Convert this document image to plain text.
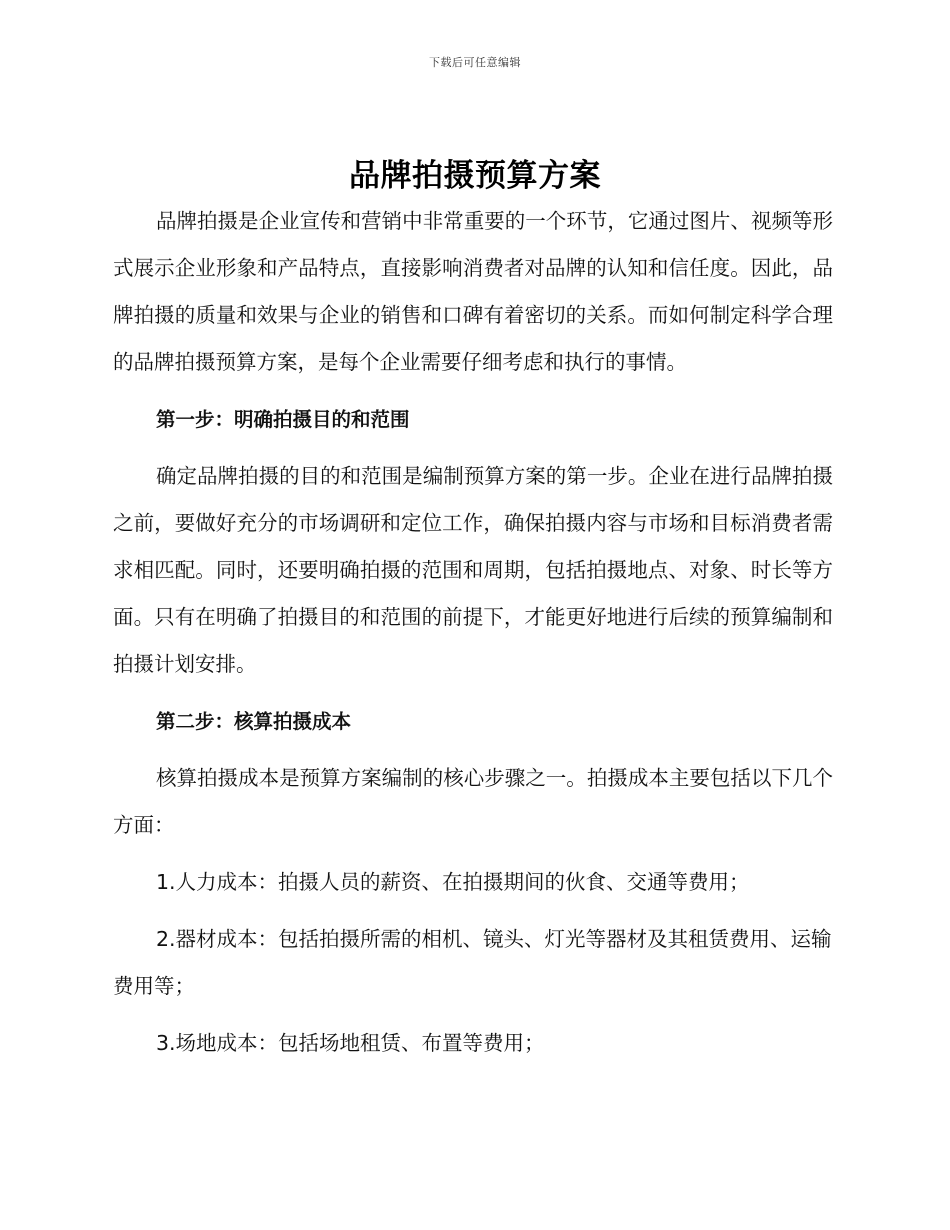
下载后可任意编辑
品牌拍摄预算方案

品牌拍摄是企业宣传和营销中非常重要的一个环节，它通过图片、视频等形式展示企业形象和产品特点，直接影响消费者对品牌的认知和信任度。因此，品牌拍摄的质量和效果与企业的销售和口碑有着密切的关系。而如何制定科学合理的品牌拍摄预算方案，是每个企业需要仔细考虑和执行的事情。

第一步：明确拍摄目的和范围

确定品牌拍摄的目的和范围是编制预算方案的第一步。企业在进行品牌拍摄之前，要做好充分的市场调研和定位工作，确保拍摄内容与市场和目标消费者需求相匹配。同时，还要明确拍摄的范围和周期，包括拍摄地点、对象、时长等方面。只有在明确了拍摄目的和范围的前提下，才能更好地进行后续的预算编制和拍摄计划安排。

第二步：核算拍摄成本

核算拍摄成本是预算方案编制的核心步骤之一。拍摄成本主要包括以下几个方面：

1.人力成本：拍摄人员的薪资、在拍摄期间的伙食、交通等费用；

2.器材成本：包括拍摄所需的相机、镜头、灯光等器材及其租赁费用、运输费用等；

3.场地成本：包括场地租赁、布置等费用；
